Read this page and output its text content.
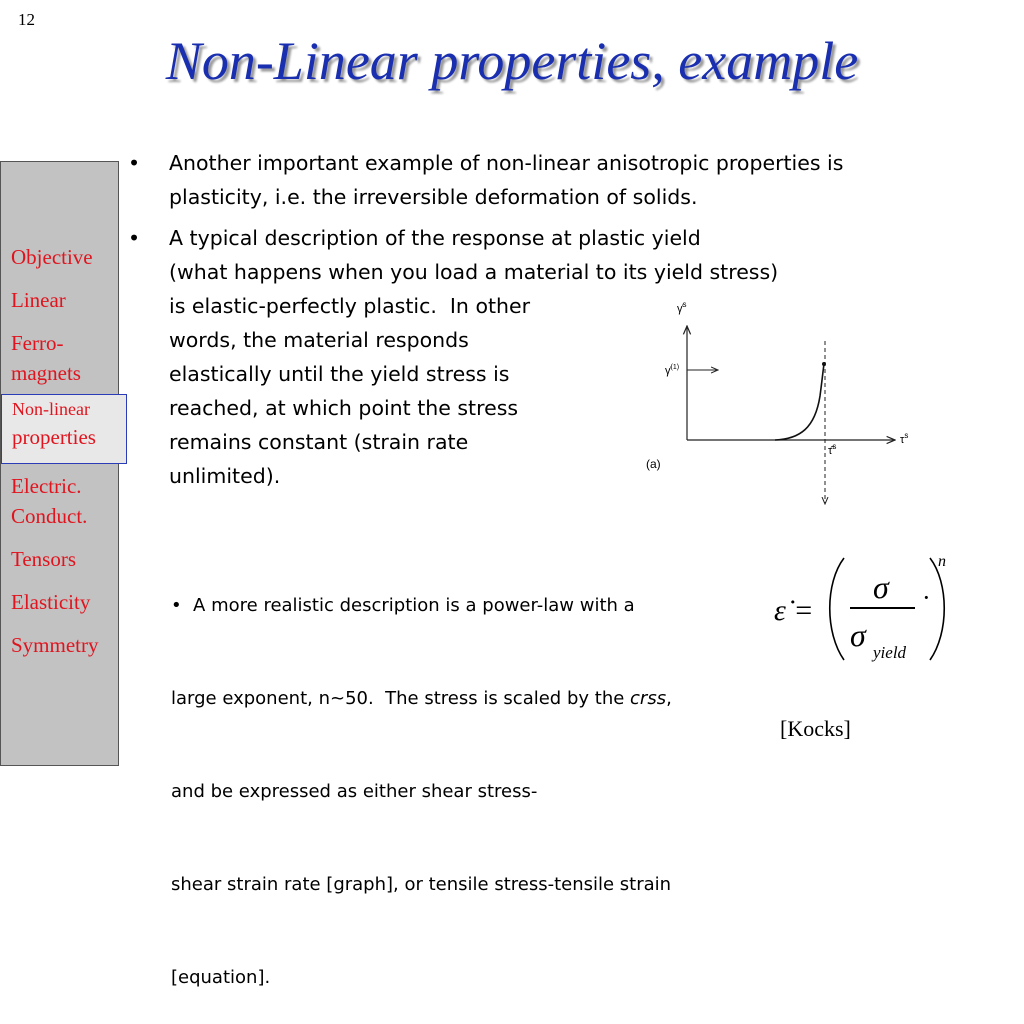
12
Non-Linear properties, example
Objective
Linear
Ferro-
magnets
Non-linear
properties
Electric.
Conduct.
Tensors
Elasticity
Symmetry
• Another important example of non-linear anisotropic properties is
plasticity, i.e. the irreversible deformation of solids.
• A typical description of the response at plastic yield
(what happens when you load a material to its yield stress)
is elastic-perfectly plastic.  In other
words, the material responds
elastically until the yield stress is
reached, at which point the stress
remains constant (strain rate
unlimited).
γ̇$^s$
γ̇$^{(1)}$
$\tau^s$
τ̂$^s$
(a)

•  A more realistic description is a power-law with a

large exponent, n~50.  The stress is scaled by the crss,

and be expressed as either shear stress-

shear strain rate [graph], or tensile stress-tensile strain

[equation].

ε̇ =
σ
σ yield
·
n
[Kocks]
